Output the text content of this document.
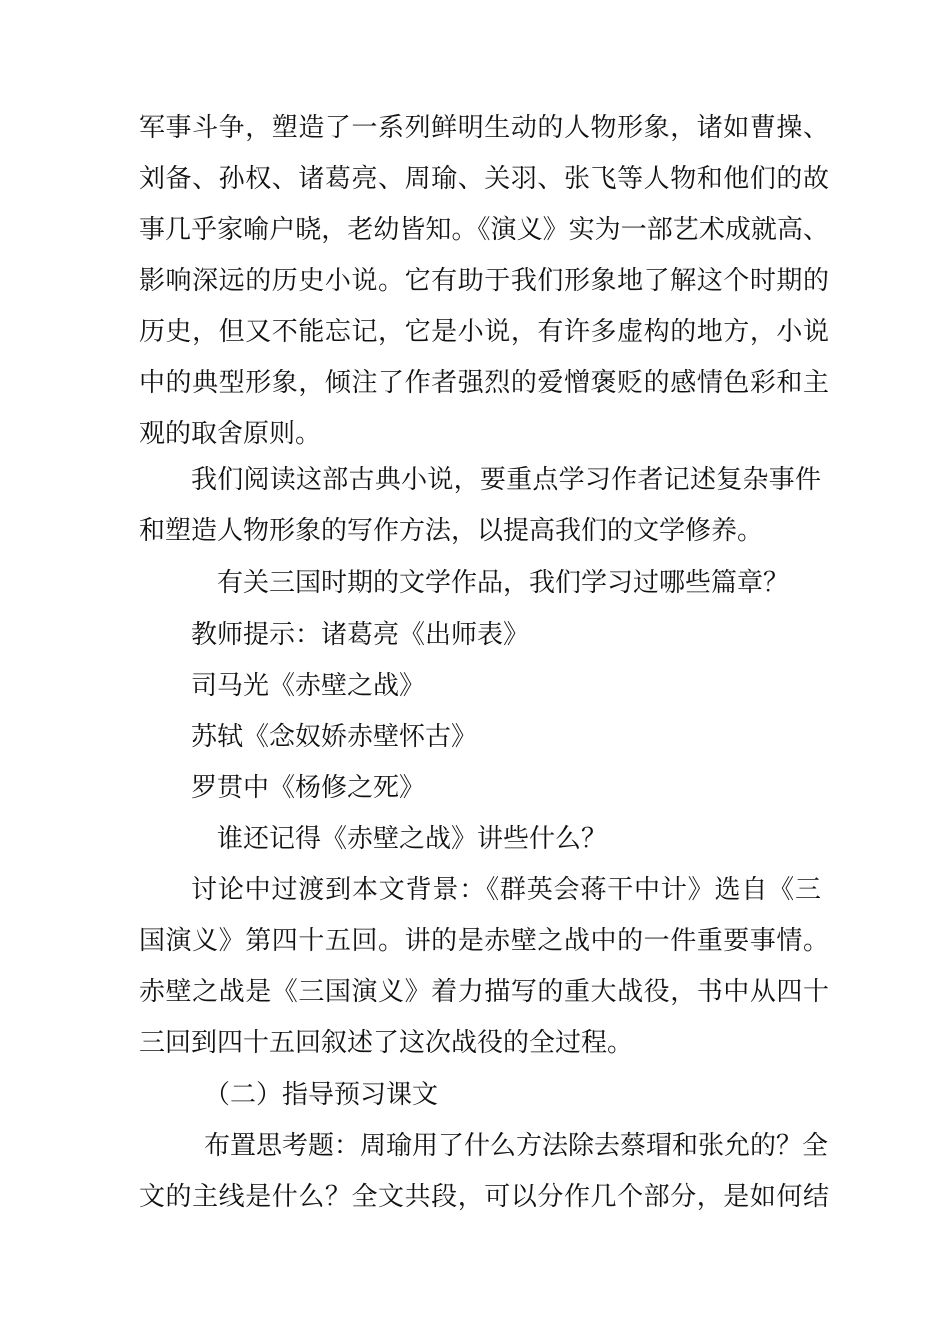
军事斗争，塑造了一系列鲜明生动的人物形象，诸如曹操、
刘备、孙权、诸葛亮、周瑜、关羽、张飞等人物和他们的故
事几乎家喻户晓，老幼皆知。《演义》实为一部艺术成就高、
影响深远的历史小说。它有助于我们形象地了解这个时期的
历史，但又不能忘记，它是小说，有许多虚构的地方，小说
中的典型形象，倾注了作者强烈的爱憎褒贬的感情色彩和主
观的取舍原则。
我们阅读这部古典小说，要重点学习作者记述复杂事件
和塑造人物形象的写作方法，以提高我们的文学修养。
有关三国时期的文学作品，我们学习过哪些篇章？
教师提示：诸葛亮《出师表》
司马光《赤壁之战》
苏轼《念奴娇赤壁怀古》
罗贯中《杨修之死》
谁还记得《赤壁之战》讲些什么？
讨论中过渡到本文背景：《群英会蒋干中计》选自《三
国演义》第四十五回。讲的是赤壁之战中的一件重要事情。
赤壁之战是《三国演义》着力描写的重大战役，书中从四十
三回到四十五回叙述了这次战役的全过程。
（二）指导预习课文
布置思考题：周瑜用了什么方法除去蔡瑁和张允的？全
文的主线是什么？全文共段，可以分作几个部分，是如何结
